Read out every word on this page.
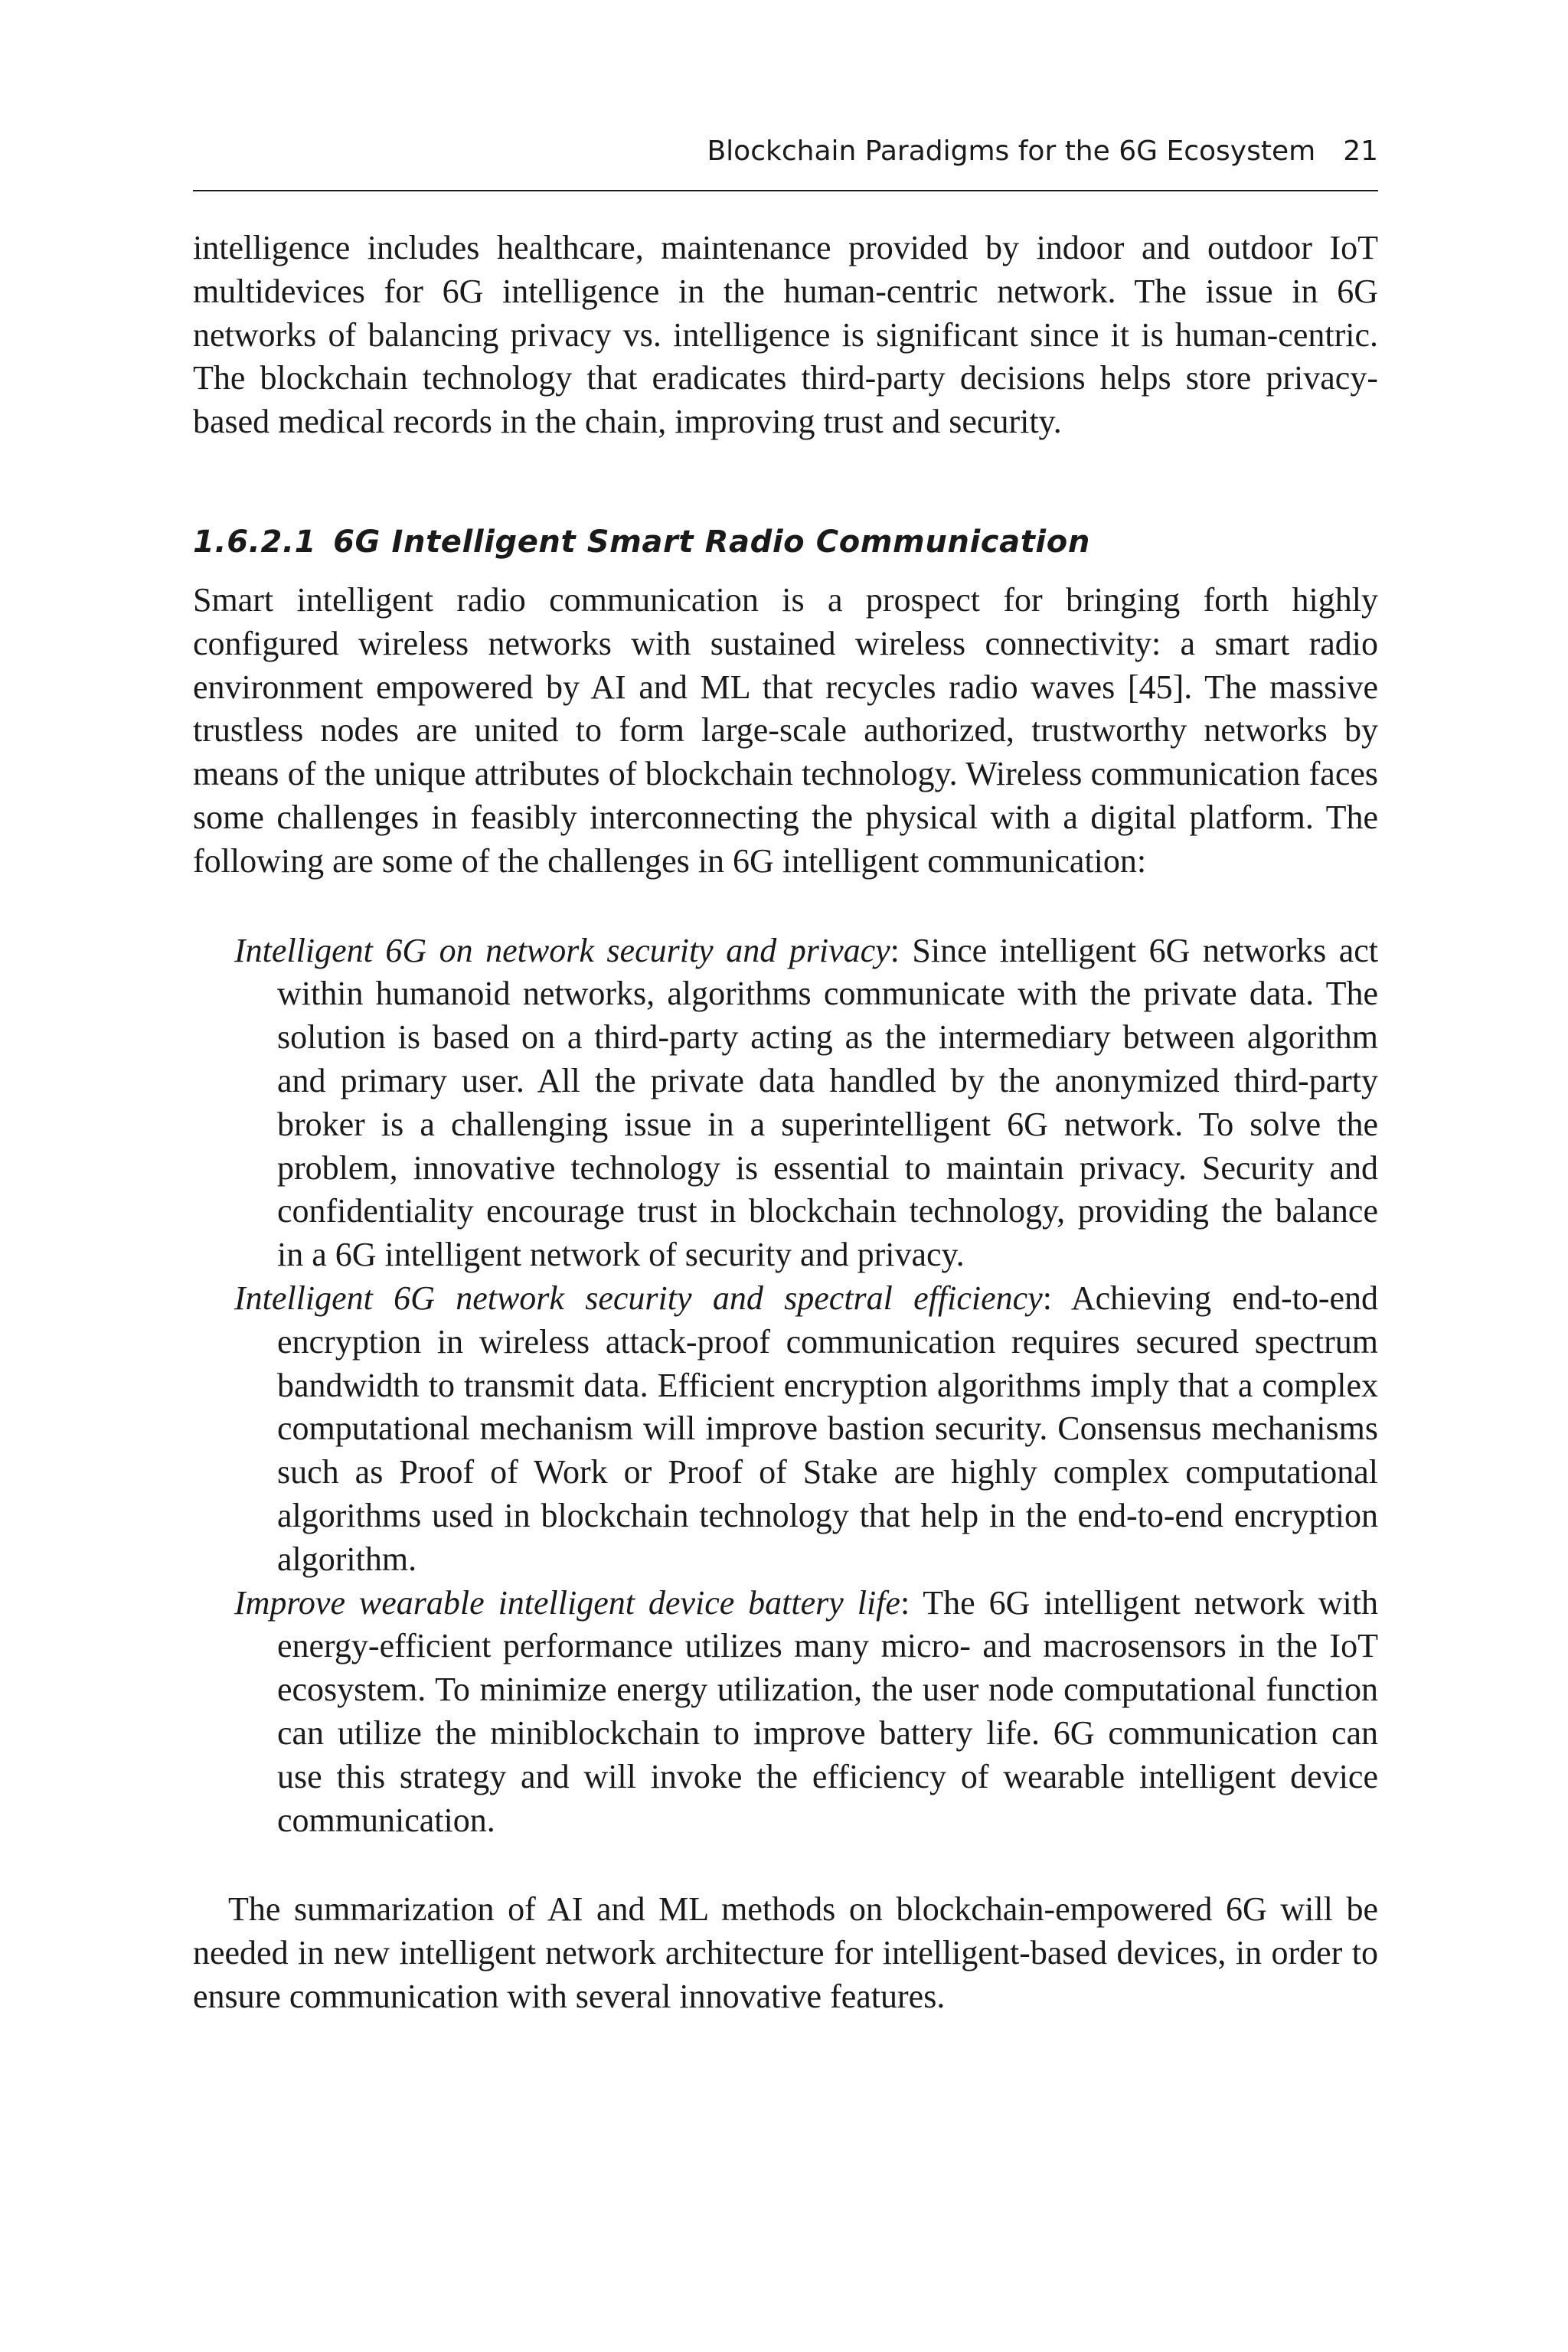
Blockchain Paradigms for the 6G Ecosystem 21

intelligence includes healthcare, maintenance provided by indoor and outdoor IoT multidevices for 6G intelligence in the human-centric network. The issue in 6G networks of balancing privacy vs. intelligence is significant since it is human-centric. The blockchain technology that eradicates third-party decisions helps store privacy-based medical records in the chain, improving trust and security.

1.6.2.1 6G Intelligent Smart Radio Communication

Smart intelligent radio communication is a prospect for bringing forth highly configured wireless networks with sustained wireless connectivity: a smart radio environment empowered by AI and ML that recycles radio waves [45]. The massive trustless nodes are united to form large-scale authorized, trustworthy networks by means of the unique attributes of blockchain technology. Wireless communication faces some challenges in feasibly interconnecting the physical with a digital platform. The following are some of the challenges in 6G intelligent communication:

Intelligent 6G on network security and privacy: Since intelligent 6G networks act within humanoid networks, algorithms communicate with the private data. The solution is based on a third-party acting as the intermediary between algorithm and primary user. All the private data handled by the anonymized third-party broker is a challenging issue in a superintelligent 6G network. To solve the problem, innovative technology is essential to maintain privacy. Security and confidentiality encourage trust in blockchain technology, providing the balance in a 6G intelligent network of security and privacy.
Intelligent 6G network security and spectral efficiency: Achieving end-to-end encryption in wireless attack-proof communication requires secured spectrum bandwidth to transmit data. Efficient encryption algorithms imply that a complex computational mechanism will improve bastion security. Consensus mechanisms such as Proof of Work or Proof of Stake are highly complex computational algorithms used in blockchain technology that help in the end-to-end encryption algorithm.
Improve wearable intelligent device battery life: The 6G intelligent network with energy-efficient performance utilizes many micro- and macrosensors in the IoT ecosystem. To minimize energy utilization, the user node computational function can utilize the miniblockchain to improve battery life. 6G communication can use this strategy and will invoke the efficiency of wearable intelligent device communication.

The summarization of AI and ML methods on blockchain-empowered 6G will be needed in new intelligent network architecture for intelligent-based devices, in order to ensure communication with several innovative features.
